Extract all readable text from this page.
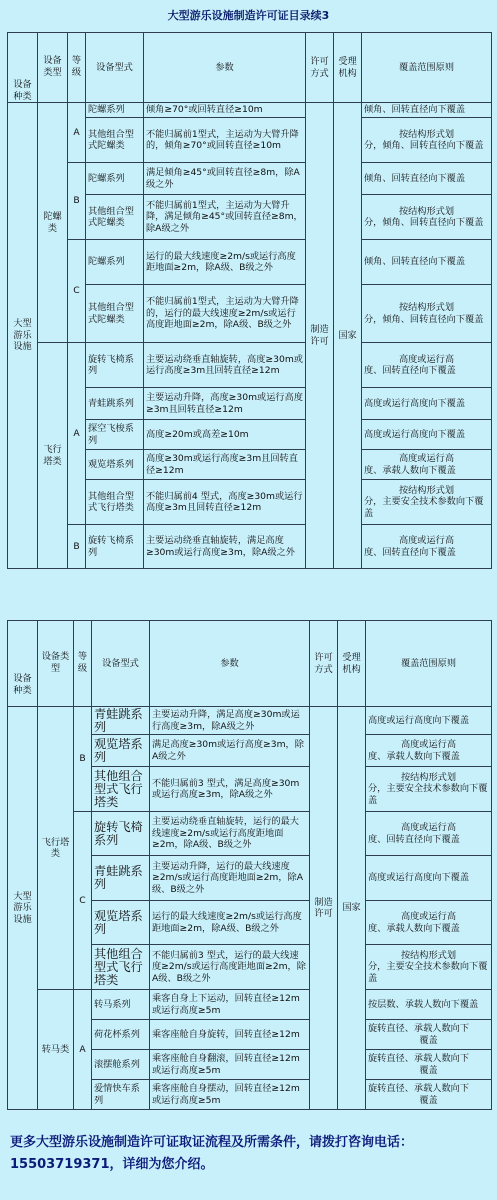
大型游乐设施制造许可证目录续3
设备种类	设备类型	等级	设备型式	参数	许可方式	受理机构	覆盖范围原则
大型游乐设施	陀螺类	A	陀螺系列	倾角≥70°或回转直径≥10m	制造许可	国家	倾角、回转直径向下覆盖
			其他组合型式陀螺类	不能归属前1型式，主运动为大臂升降的，倾角≥70°或回转直径≥10m			按结构形式划
分，倾角、回转直径向下覆盖
		B	陀螺系列	满足倾角≥45°或回转直径≥8m，除A级之外			倾角、回转直径向下覆盖
			其他组合型式陀螺类	不能归属前1型式，主运动为大臂升降，满足倾角≥45°或回转直径≥8m，除A级之外			按结构形式划
分，倾角、回转直径向下覆盖
		C	陀螺系列	运行的最大线速度≥2m/s或运行高度距地面≥2m，除A级、B级之外			倾角、回转直径向下覆盖
			其他组合型式陀螺类	不能归属前1型式，主运动为大臂升降的，运行的最大线速度≥2m/s或运行高度距地面≥2m，除A级、B级之外			按结构形式划
分，倾角、回转直径向下覆盖
	飞行塔类	A	旋转飞椅系列	主要运动绕垂直轴旋转，高度≥30m或运行高度≥3m且回转直径≥12m			高度或运行高
度、回转直径向下覆盖
			青蛙跳系列	主要运动升降，高度≥30m或运行高度≥3m且回转直径≥12m			高度或运行高度向下覆盖
			探空飞梭系列	高度≥20m或高差≥10m			高度或运行高度向下覆盖
			观览塔系列	高度≥30m或运行高度≥3m且回转直径≥12m			高度或运行高
度、承载人数向下覆盖
			其他组合型式飞行塔类	不能归属前4 型式，高度≥30m或运行高度≥3m且回转直径≥12m			按结构形式划
分，主要安全技术参数向下覆盖
		B	旋转飞椅系列	主要运动绕垂直轴旋转，满足高度≥30m或运行高度≥3m，除A级之外			高度或运行高
度、回转直径向下覆盖
设备种类	设备类型	等级	设备型式	参数	许可方式	受理机构	覆盖范围原则
大型游乐设施	飞行塔类	B	青蛙跳系列	主要运动升降，满足高度≥30m或运行高度≥3m，除A级之外	制造许可	国家	高度或运行高度向下覆盖
			观览塔系列	满足高度≥30m或运行高度≥3m，除A级之外			高度或运行高
度、承载人数向下覆盖
			其他组合型式飞行塔类	不能归属前3 型式，满足高度≥30m或运行高度≥3m，除A级之外			按结构形式划
分，主要安全技术参数向下覆盖
		C	旋转飞椅系列	主要运动绕垂直轴旋转，运行的最大线速度≥2m/s或运行高度距地面≥2m，除A级、B级之外			高度或运行高
度、回转直径向下覆盖
			青蛙跳系列	主要运动升降，运行的最大线速度≥2m/s或运行高度距地面≥2m，除A级、B级之外			高度或运行高度向下覆盖
			观览塔系列	运行的最大线速度≥2m/s或运行高度距地面≥2m，除A级、B级之外			高度或运行高
度、承载人数向下覆盖
			其他组合型式飞行塔类	不能归属前3 型式，运行的最大线速度≥2m/s或运行高度距地面≥2m，除A级、B级之外			按结构形式划
分，主要安全技术参数向下覆盖
	转马类	A	转马系列	乘客自身上下运动，回转直径≥12m或运行高度≥5m			按层数、承载人数向下覆盖
			荷花杯系列	乘客座舱自身旋转，回转直径≥12m			旋转直径、承载人数向下
覆盖

			滚摆舱系列	乘客座舱自身翻滚，回转直径≥12m或运行高度≥5m			旋转直径、承载人数向下
覆盖

			爱情快车系列	乘客座舱自身摆动，回转直径≥12m或运行高度≥5m			旋转直径、承载人数向下
覆盖
更多大型游乐设施制造许可证取证流程及所需条件，请拨打咨询电话：15503719371，详细为您介绍。
